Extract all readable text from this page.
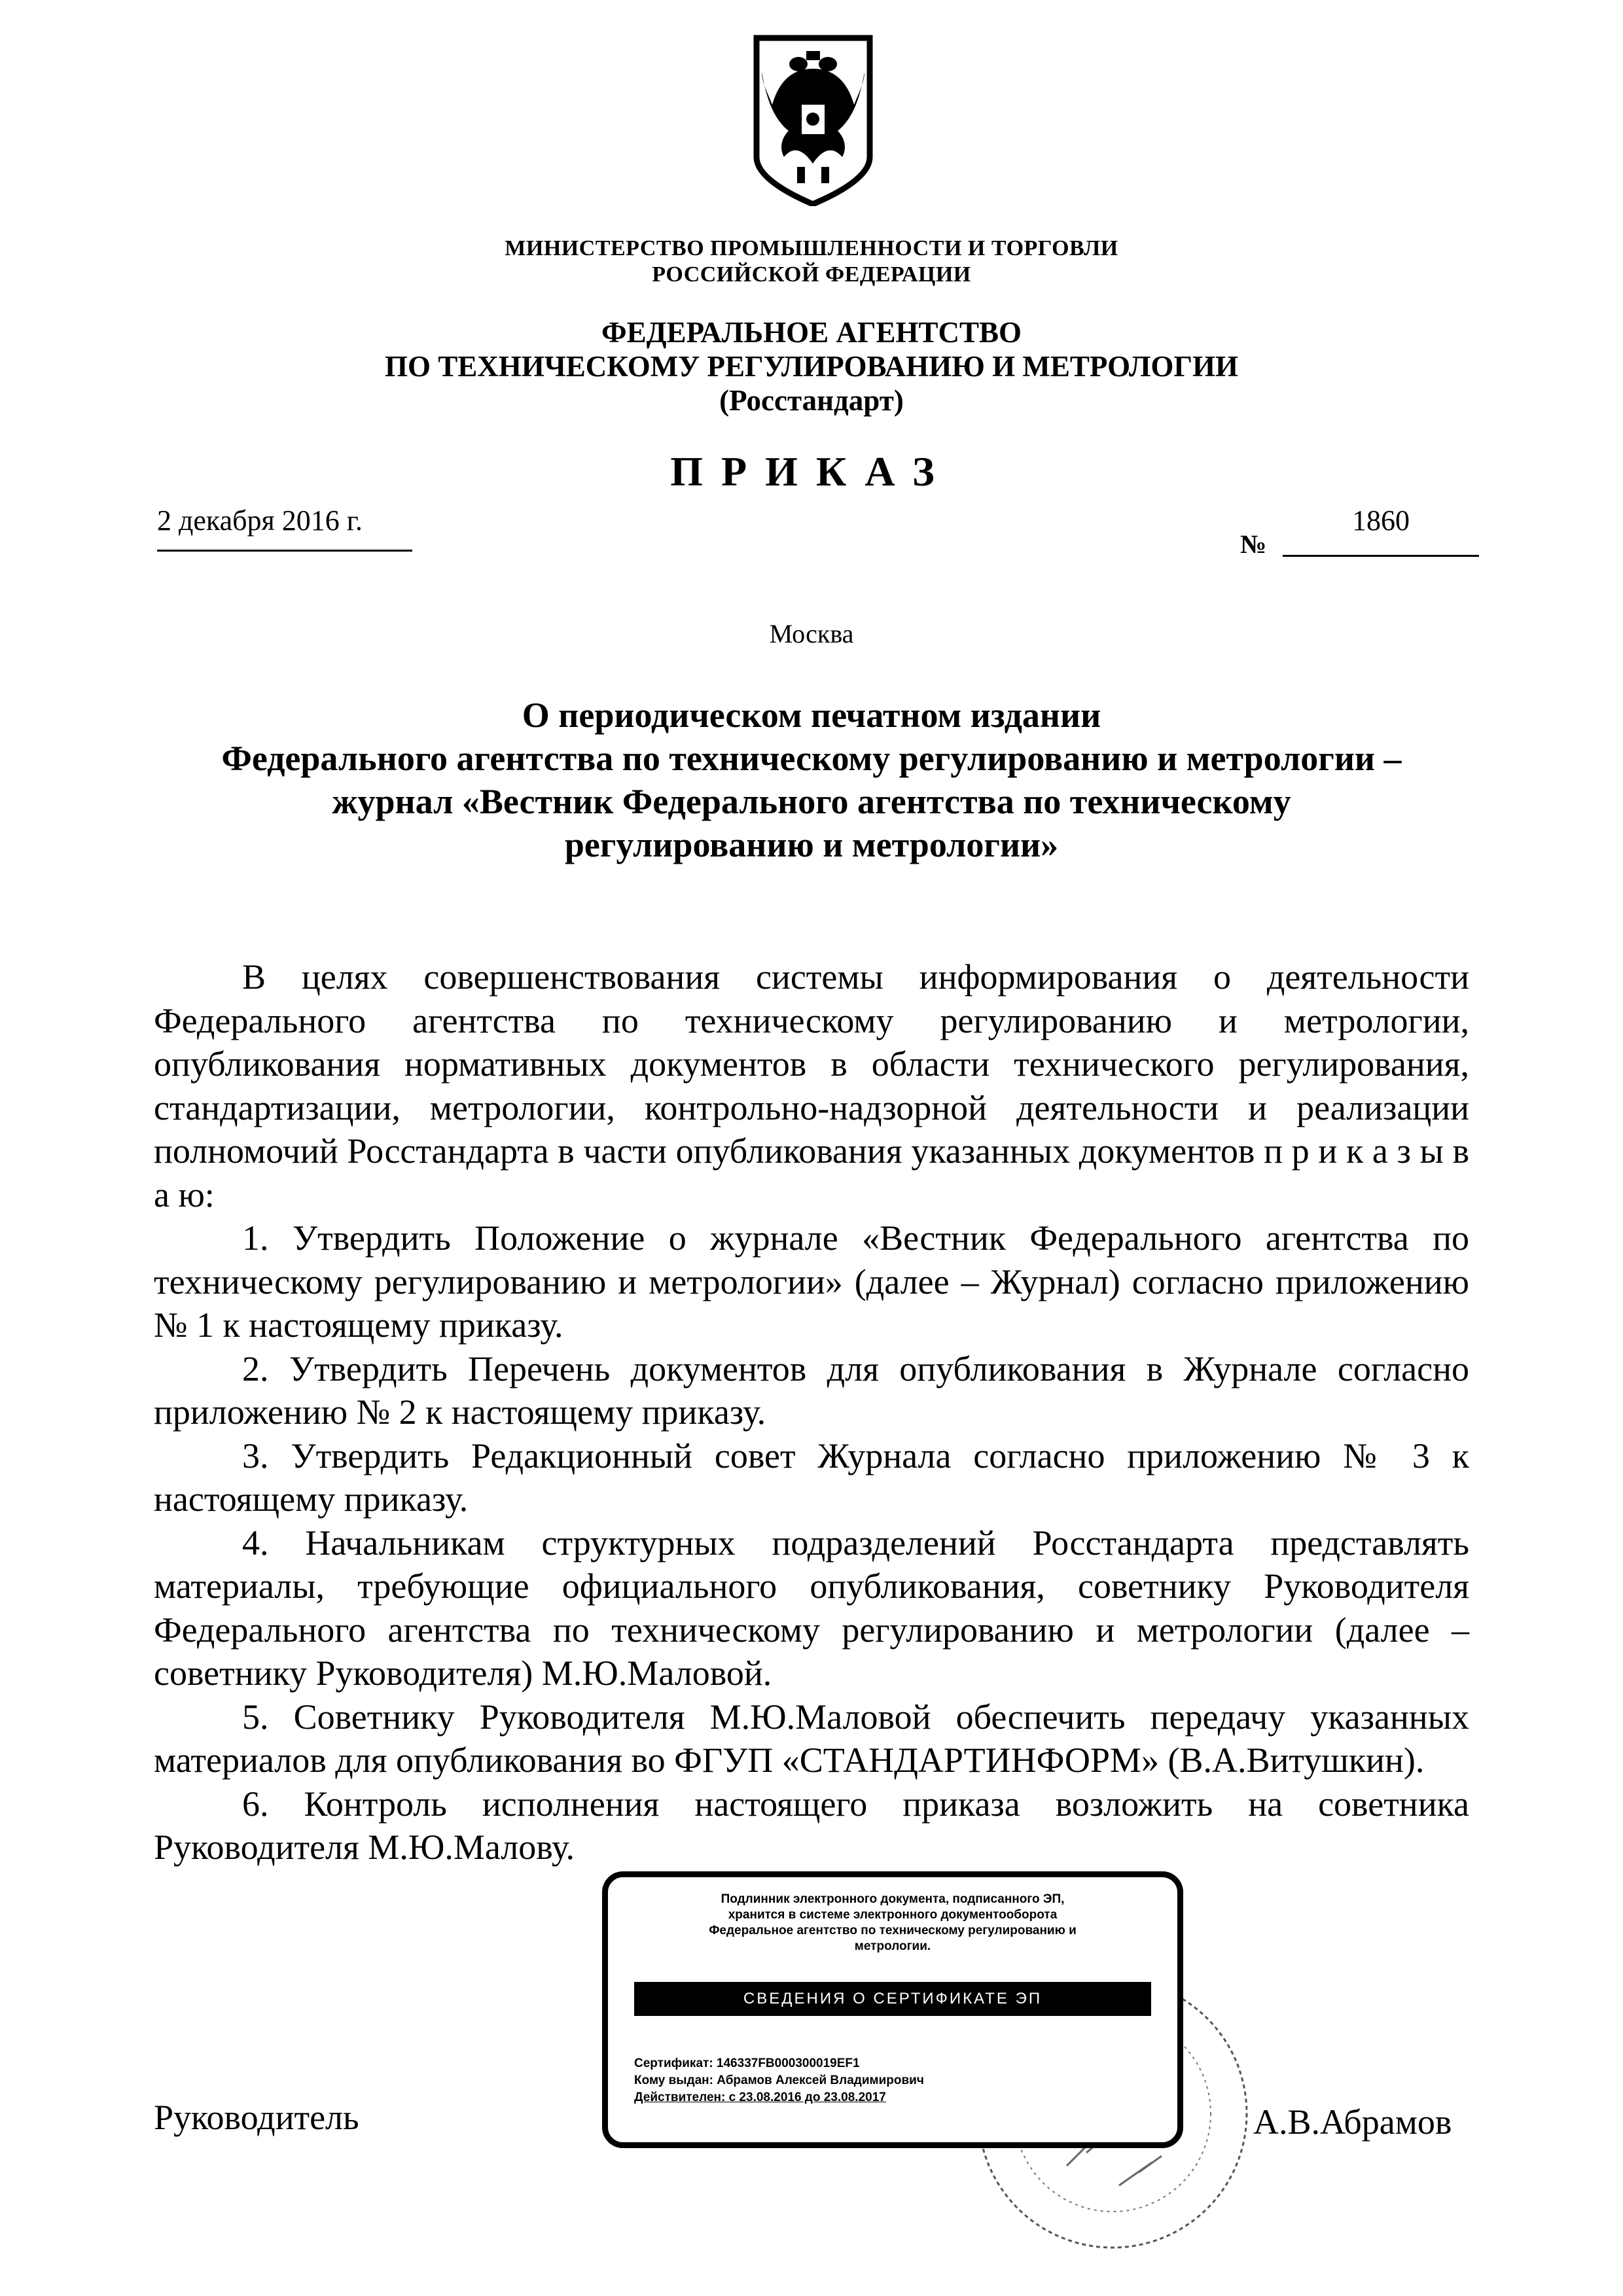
МИНИСТЕРСТВО ПРОМЫШЛЕННОСТИ И ТОРГОВЛИ
РОССИЙСКОЙ ФЕДЕРАЦИИ
ФЕДЕРАЛЬНОЕ АГЕНТСТВО
ПО ТЕХНИЧЕСКОМУ РЕГУЛИРОВАНИЮ И МЕТРОЛОГИИ
(Росстандарт)
ПРИКАЗ
2 декабря 2016 г.
№
1860
Москва
О периодическом печатном издании
Федерального агентства по техническому регулированию и метрологии –
журнал «Вестник Федерального агентства по техническому
регулированию и метрологии»

В целях совершенствования системы информирования о деятельности Федерального агентства по техническому регулированию и метрологии, опубликования нормативных документов в области технического регулирования, стандартизации, метрологии, контрольно-надзорной деятельности и реализации полномочий Росстандарта в части опубликования указанных документов п р и к а з ы в а ю:

1. Утвердить Положение о журнале «Вестник Федерального агентства по техническому регулированию и метрологии» (далее – Журнал) согласно приложению № 1 к настоящему приказу.

2. Утвердить Перечень документов для опубликования в Журнале согласно приложению № 2 к настоящему приказу.

3. Утвердить Редакционный совет Журнала согласно приложению № 3 к настоящему приказу.

4. Начальникам структурных подразделений Росстандарта представлять материалы, требующие официального опубликования, советнику Руководителя Федерального агентства по техническому регулированию и метрологии (далее – советнику Руководителя) М.Ю.Маловой.

5. Советнику Руководителя М.Ю.Маловой обеспечить передачу указанных материалов для опубликования во ФГУП «СТАНДАРТИНФОРМ» (В.А.Витушкин).

6. Контроль исполнения настоящего приказа возложить на советника Руководителя М.Ю.Малову.

Руководитель	А.В.Абрамов
Подлинник электронного документа, подписанного ЭП,
хранится в системе электронного документооборота
Федеральное агентство по техническому регулированию и
метрологии.
СВЕДЕНИЯ О СЕРТИФИКАТЕ ЭП
Сертификат: 146337FB000300019EF1
Кому выдан: Абрамов Алексей Владимирович
Действителен: с 23.08.2016 до 23.08.2017
